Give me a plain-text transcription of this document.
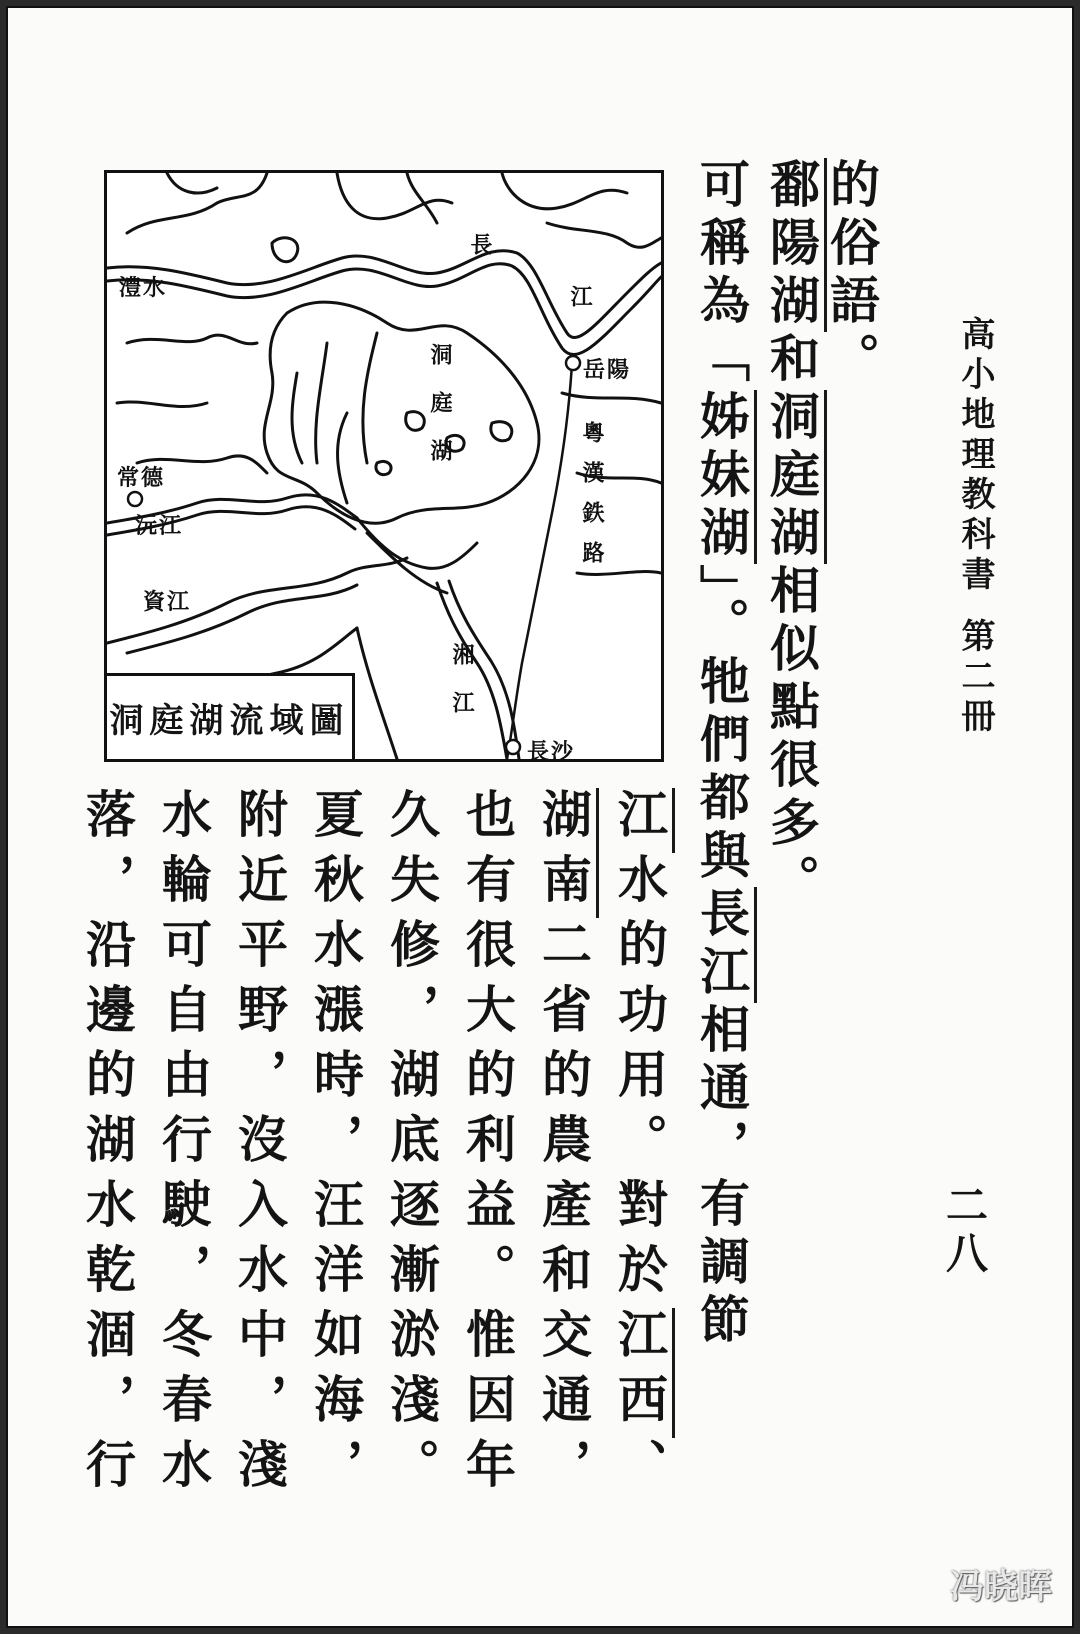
高小地理教科書第二冊
二八
的俗語。
鄱陽湖和洞庭湖相似點很多。
可稱為「姊妹湖」。牠們都與長江相通，有調節
江水的功用。對於江西、
湖南二省的農產和交通，
也有很大的利益。惟因年
久失修，湖底逐漸淤淺。
夏秋水漲時，汪洋如海，
附近平野，沒入水中，淺
水輪可自由行駛，冬春水
落，沿邊的湖水乾涸，行
澧水
長
江
岳陽
洞庭湖
粵漢鉄路
常德
沅江
資江
湘江
長沙
洞庭湖流域圖
冯晓晖
